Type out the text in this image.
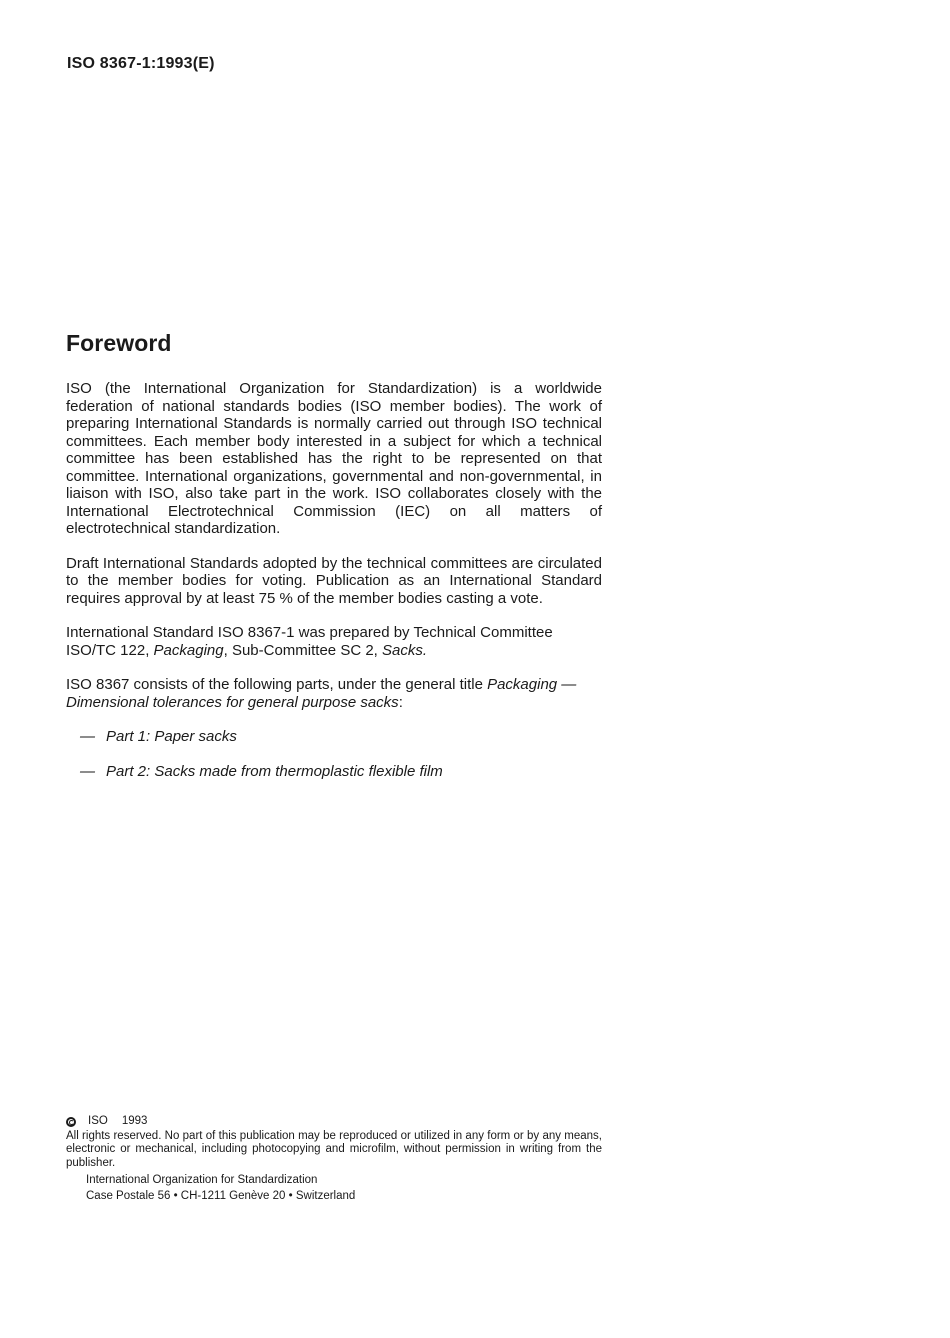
ISO 8367-1:1993(E)
Foreword

ISO (the International Organization for Standardization) is a worldwide federation of national standards bodies (ISO member bodies). The work of preparing International Standards is normally carried out through ISO technical committees. Each member body interested in a subject for which a technical committee has been established has the right to be represented on that committee. International organizations, governmental and non-governmental, in liaison with ISO, also take part in the work. ISO collaborates closely with the International Electrotechnical Commission (IEC) on all matters of electrotechnical standardization.

Draft International Standards adopted by the technical committees are circulated to the member bodies for voting. Publication as an International Standard requires approval by at least 75 % of the member bodies casting a vote.

International Standard ISO 8367-1 was prepared by Technical Committee ISO/TC 122, Packaging, Sub-Committee SC 2, Sacks.

ISO 8367 consists of the following parts, under the general title Packaging — Dimensional tolerances for general purpose sacks:

— Part 1: Paper sacks
— Part 2: Sacks made from thermoplastic flexible film
ISO 1993
All rights reserved. No part of this publication may be reproduced or utilized in any form or by any means, electronic or mechanical, including photocopying and microfilm, without permission in writing from the publisher.
International Organization for Standardization
Case Postale 56 • CH-1211 Genève 20 • Switzerland
